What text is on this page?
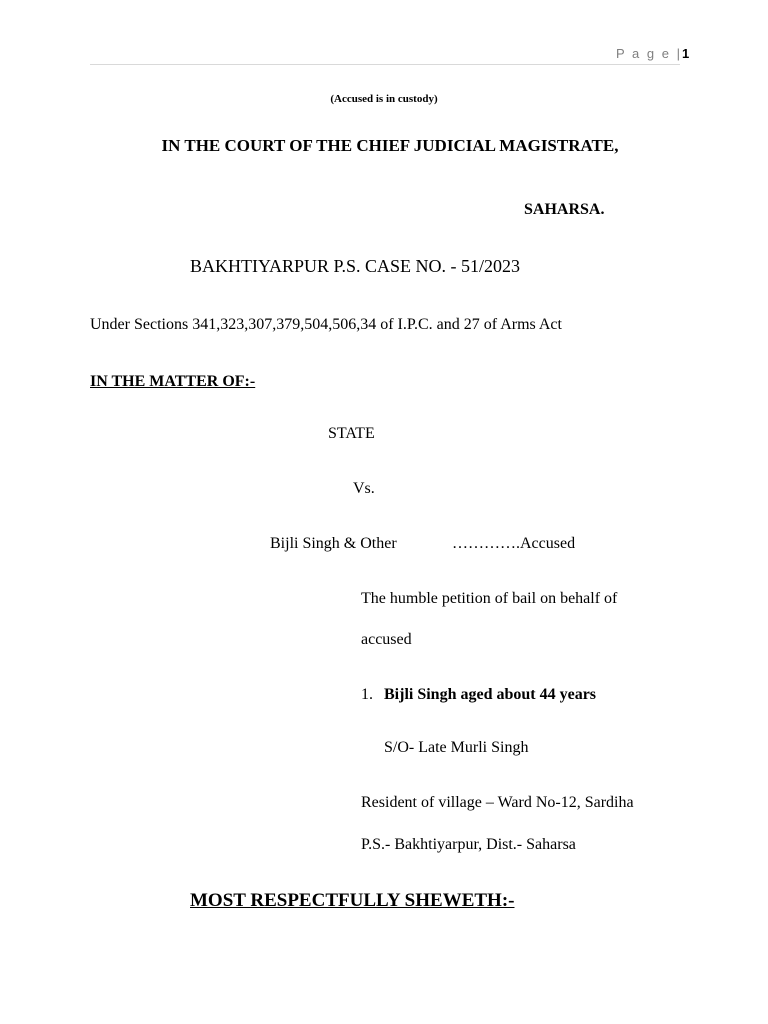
P a g e |1
(Accused is in custody)
IN THE COURT OF THE CHIEF JUDICIAL MAGISTRATE,
SAHARSA.
BAKHTIYARPUR P.S. CASE NO. - 51/2023
Under Sections 341,323,307,379,504,506,34 of I.P.C. and 27 of Arms Act
IN THE MATTER OF:-
STATE
Vs.
Bijli Singh & Other	………….Accused
The humble petition of bail on behalf of
accused
1. Bijli Singh aged about 44 years
S/O- Late Murli Singh
Resident of village – Ward No-12, Sardiha
P.S.- Bakhtiyarpur, Dist.- Saharsa
MOST RESPECTFULLY SHEWETH:-
